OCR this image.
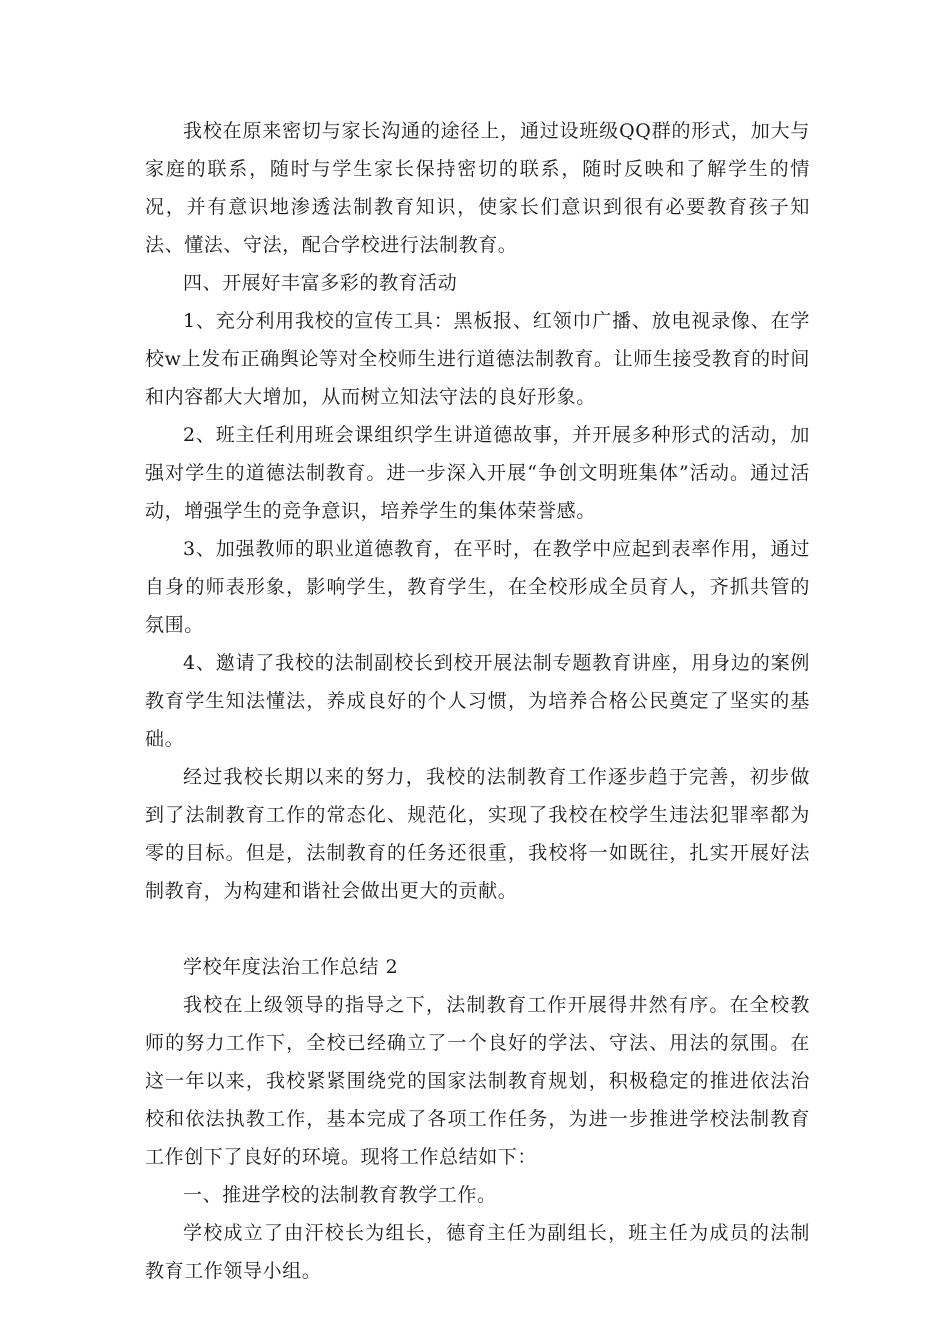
我校在原来密切与家长沟通的途径上，通过设班级QQ群的形式，加大与家庭的联系，随时与学生家长保持密切的联系，随时反映和了解学生的情况，并有意识地渗透法制教育知识，使家长们意识到很有必要教育孩子知法、懂法、守法，配合学校进行法制教育。

四、开展好丰富多彩的教育活动

1、充分利用我校的宣传工具：黑板报、红领巾广播、放电视录像、在学校w上发布正确舆论等对全校师生进行道德法制教育。让师生接受教育的时间和内容都大大增加，从而树立知法守法的良好形象。

2、班主任利用班会课组织学生讲道德故事，并开展多种形式的活动，加强对学生的道德法制教育。进一步深入开展“争创文明班集体”活动。通过活动，增强学生的竞争意识，培养学生的集体荣誉感。

3、加强教师的职业道德教育，在平时，在教学中应起到表率作用，通过自身的师表形象，影响学生，教育学生，在全校形成全员育人，齐抓共管的氛围。

4、邀请了我校的法制副校长到校开展法制专题教育讲座，用身边的案例教育学生知法懂法，养成良好的个人习惯，为培养合格公民奠定了坚实的基础。

经过我校长期以来的努力，我校的法制教育工作逐步趋于完善，初步做到了法制教育工作的常态化、规范化，实现了我校在校学生违法犯罪率都为零的目标。但是，法制教育的任务还很重，我校将一如既往，扎实开展好法制教育，为构建和谐社会做出更大的贡献。

学校年度法治工作总结 2

我校在上级领导的指导之下，法制教育工作开展得井然有序。在全校教师的努力工作下，全校已经确立了一个良好的学法、守法、用法的氛围。在这一年以来，我校紧紧围绕党的国家法制教育规划，积极稳定的推进依法治校和依法执教工作，基本完成了各项工作任务，为进一步推进学校法制教育工作创下了良好的环境。现将工作总结如下：

一、推进学校的法制教育教学工作。

学校成立了由汗校长为组长，德育主任为副组长，班主任为成员的法制教育工作领导小组。
